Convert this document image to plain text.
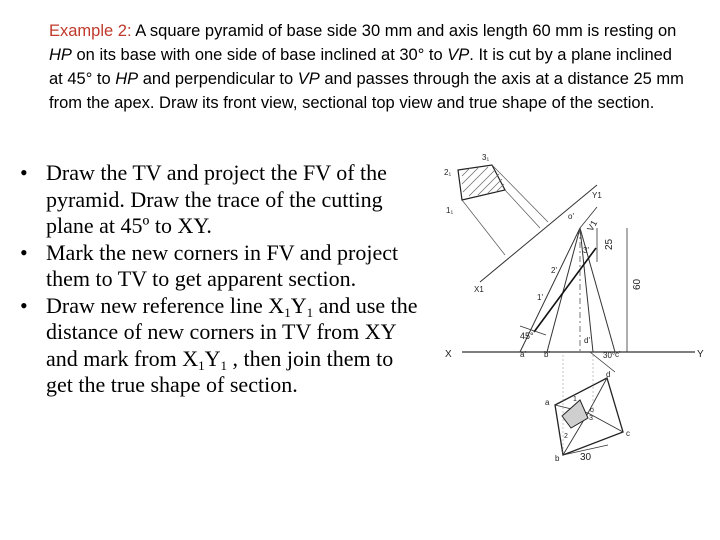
Example 2: A square pyramid of base side 30 mm and axis length 60 mm is resting on HP on its base with one side of base inclined at 30° to VP. It is cut by a plane inclined at 45° to HP and perpendicular to VP and passes through the axis at a distance 25 mm from the apex. Draw its front view, sectional top view and true shape of the section.
• Draw the TV and project the FV of the pyramid. Draw the trace of the cutting plane at 45º to XY.
• Mark the new corners in FV and project them to TV to get apparent section.
• Draw new reference line $X_1Y_1$ and use the distance of new corners in TV from XY and mark from $X_1Y_1$ , then join them to get the true shape of section.
X	Y
45°
o'
1'
2'
3'
a' b'
d'
c'
25
60
30°
30
a
b
c
d
o
1
2
3
X1
Y1
2₁
3₁
1₁
V1
